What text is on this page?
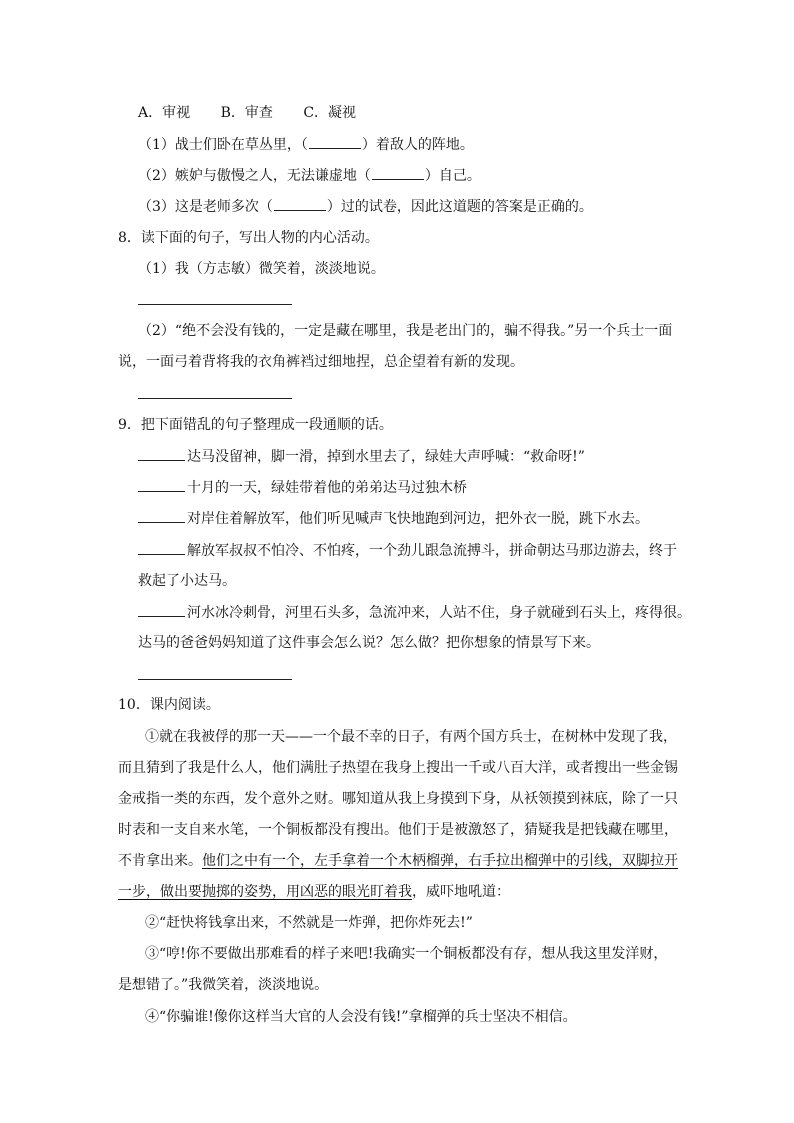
A．审视 B．审查 C．凝视
（1）战士们卧在草丛里，（	）着敌人的阵地。
（2）嫉妒与傲慢之人，无法谦虚地（	）自己。
（3）这是老师多次（	）过的试卷，因此这道题的答案是正确的。
8．读下面的句子，写出人物的内心活动。
（1）我（方志敏）微笑着，淡淡地说。
（2）“绝不会没有钱的，一定是藏在哪里，我是老出门的，骗不得我。”另一个兵士一面
说，一面弓着背将我的衣角裤裆过细地捏，总企望着有新的发现。
9．把下面错乱的句子整理成一段通顺的话。
达马没留神，脚一滑，掉到水里去了，绿娃大声呼喊：“救命呀!”
十月的一天，绿娃带着他的弟弟达马过独木桥
对岸住着解放军，他们听见喊声飞快地跑到河边，把外衣一脱，跳下水去。
解放军叔叔不怕冷、不怕疼，一个劲儿跟急流搏斗，拼命朝达马那边游去，终于
救起了小达马。
河水冰冷刺骨，河里石头多，急流冲来，人站不住，身子就碰到石头上，疼得很。
达马的爸爸妈妈知道了这件事会怎么说？怎么做？把你想象的情景写下来。
10．课内阅读。
①就在我被俘的那一天——一个最不幸的日子，有两个国方兵士，在树林中发现了我，
而且猜到了我是什么人，他们满肚子热望在我身上搜出一千或八百大洋，或者搜出一些金锡
金戒指一类的东西，发个意外之财。哪知道从我上身摸到下身，从袄领摸到袜底，除了一只
时表和一支自来水笔，一个铜板都没有搜出。他们于是被激怒了，猜疑我是把钱藏在哪里，
不肯拿出来。他们之中有一个，左手拿着一个木柄榴弹，右手拉出榴弹中的引线，双脚拉开
一步，做出要抛掷的姿势，用凶恶的眼光盯着我，威吓地吼道：
②“赶快将钱拿出来，不然就是一炸弹，把你炸死去!”
③“哼!你不要做出那难看的样子来吧!我确实一个铜板都没有存，想从我这里发洋财，
是想错了。”我微笑着，淡淡地说。
④“你骗谁!像你这样当大官的人会没有钱!”拿榴弹的兵士坚决不相信。
